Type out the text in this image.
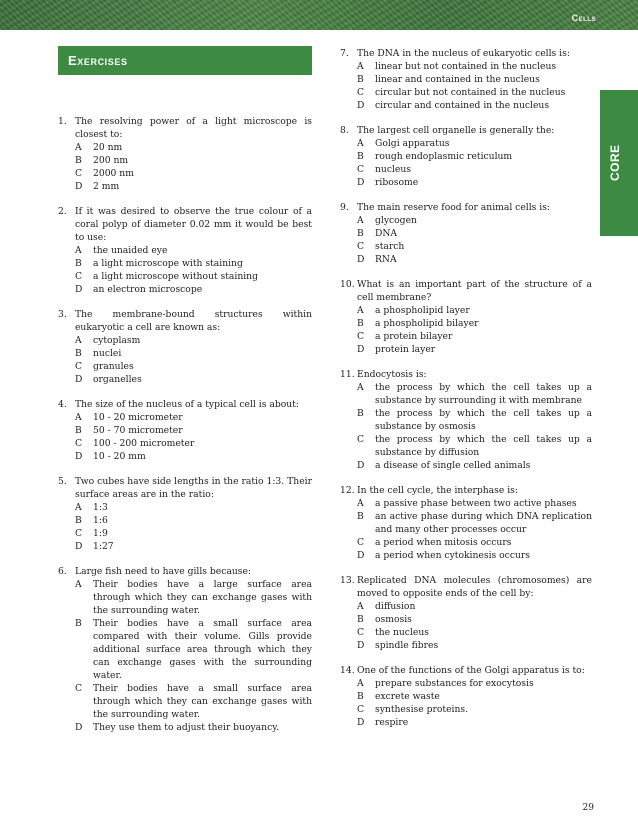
Cells
Exercises
CORE
1. The resolving power of a light microscope is closest to:
A	20 nm
B	200 nm
C	2000 nm
D	2 mm
2. If it was desired to observe the true colour of a coral polyp of diameter 0.02 mm it would be best to use:
A	the unaided eye
B	a light microscope with staining
C	a light microscope without staining
D	an electron microscope
3. The membrane-bound structures within eukaryotic a cell are known as:
A	cytoplasm
B	nuclei
C	granules
D	organelles
4. The size of the nucleus of a typical cell is about:
A	10 - 20 micrometer
B	50 - 70 micrometer
C	100 - 200 micrometer
D	10 - 20 mm
5. Two cubes have side lengths in the ratio 1:3. Their surface areas are in the ratio:
A	1:3
B	1:6
C	1:9
D	1:27
6. Large fish need to have gills because:
A	Their bodies have a large surface area through which they can exchange gases with the surrounding water.
B	Their bodies have a small surface area compared with their volume. Gills provide additional surface area through which they can exchange gases with the surrounding water.
C	Their bodies have a small surface area through which they can exchange gases with the surrounding water.
D	They use them to adjust their buoyancy.
7. The DNA in the nucleus of eukaryotic cells is:
A	linear but not contained in the nucleus
B	linear and contained in the nucleus
C	circular but not contained in the nucleus
D	circular and contained in the nucleus
8. The largest cell organelle is generally the:
A	Golgi apparatus
B	rough endoplasmic reticulum
C	nucleus
D	ribosome
9. The main reserve food for animal cells is:
A	glycogen
B	DNA
C	starch
D	RNA
10. What is an important part of the structure of a cell membrane?
A	a phospholipid layer
B	a phospholipid bilayer
C	a protein bilayer
D	protein layer
11. Endocytosis is:
A	the process by which the cell takes up a substance by surrounding it with membrane
B	the process by which the cell takes up a substance by osmosis
C	the process by which the cell takes up a substance by diffusion
D	a disease of single celled animals
12. In the cell cycle, the interphase is:
A	a passive phase between two active phases
B	an active phase during which DNA replication and many other processes occur
C	a period when mitosis occurs
D	a period when cytokinesis occurs
13. Replicated DNA molecules (chromosomes) are moved to opposite ends of the cell by:
A	diffusion
B	osmosis
C	the nucleus
D	spindle fibres
14. One of the functions of the Golgi apparatus is to:
A	prepare substances for exocytosis
B	excrete waste
C	synthesise proteins.
D	respire
29
